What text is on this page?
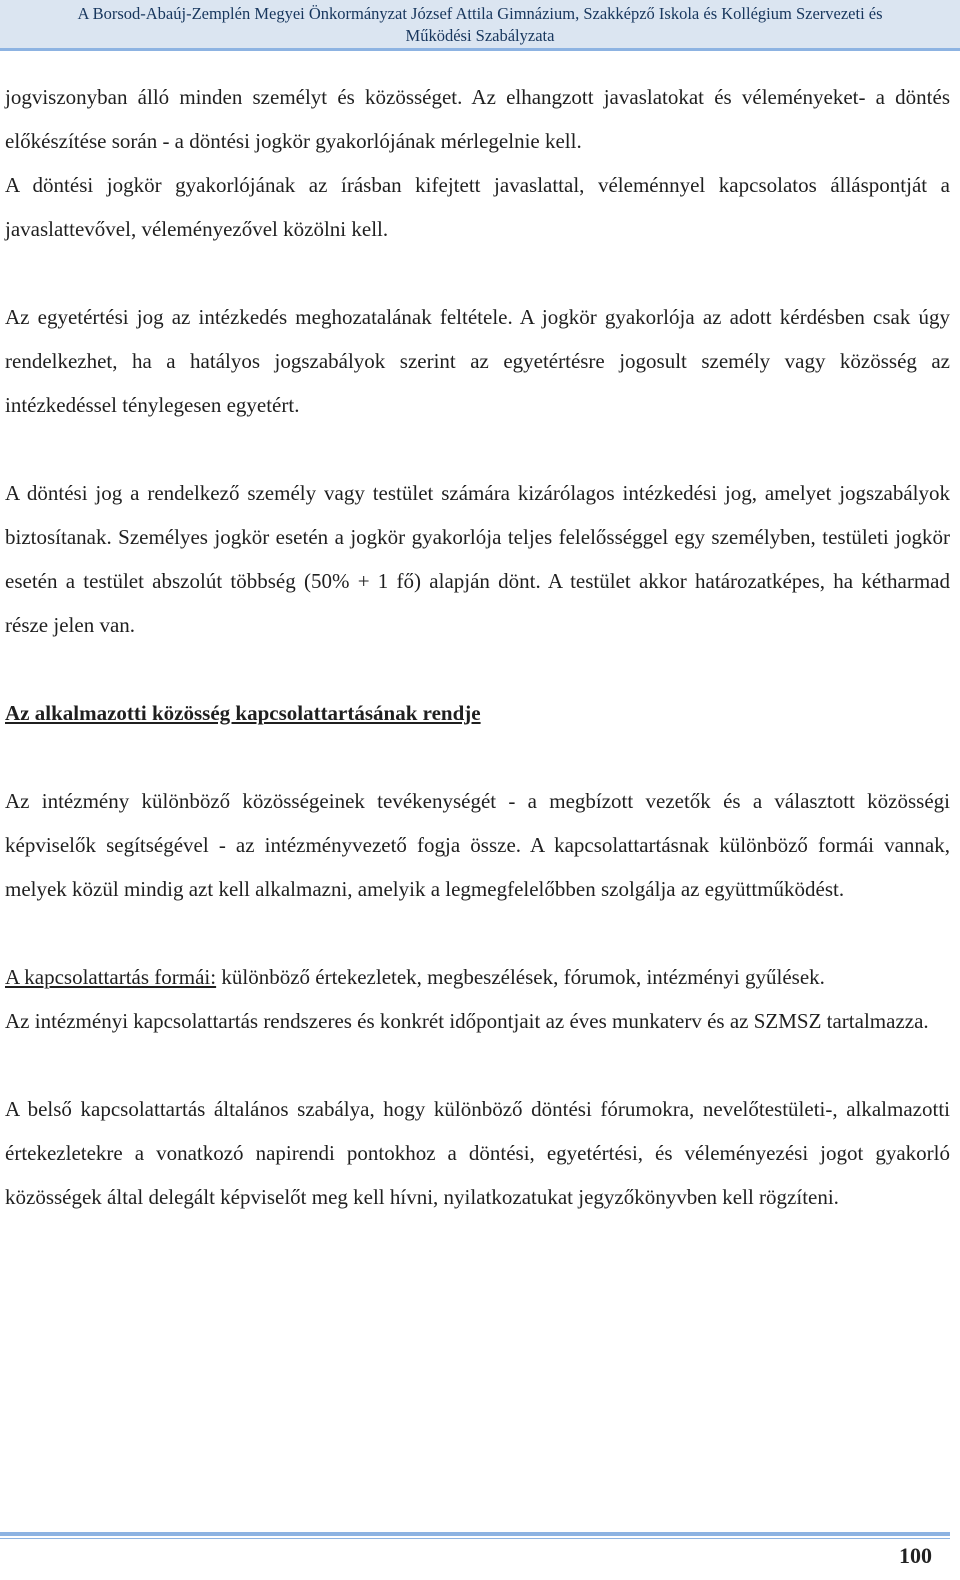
A Borsod-Abaúj-Zemplén Megyei Önkormányzat József Attila Gimnázium, Szakképző Iskola és Kollégium Szervezeti és
Működési Szabályzata

jogviszonyban álló minden személyt és közösséget. Az elhangzott javaslatokat és véleményeket- a döntés előkészítése során - a döntési jogkör gyakorlójának mérlegelnie kell.

A döntési jogkör gyakorlójának az írásban kifejtett javaslattal, véleménnyel kapcsolatos álláspontját a javaslattevővel, véleményezővel közölni kell.

Az egyetértési jog az intézkedés meghozatalának feltétele. A jogkör gyakorlója az adott kérdésben csak úgy rendelkezhet, ha a hatályos jogszabályok szerint az egyetértésre jogosult személy vagy közösség az intézkedéssel ténylegesen egyetért.

A döntési jog a rendelkező személy vagy testület számára kizárólagos intézkedési jog, amelyet jogszabályok biztosítanak. Személyes jogkör esetén a jogkör gyakorlója teljes felelősséggel egy személyben, testületi jogkör esetén a testület abszolút többség (50% + 1 fő) alapján dönt. A testület akkor határozatképes, ha kétharmad része jelen van.

Az alkalmazotti közösség kapcsolattartásának rendje

Az intézmény különböző közösségeinek tevékenységét - a megbízott vezetők és a választott közösségi képviselők segítségével - az intézményvezető fogja össze. A kapcsolattartásnak különböző formái vannak, melyek közül mindig azt kell alkalmazni, amelyik a legmegfelelőbben szolgálja az együttműködést.

A kapcsolattartás formái: különböző értekezletek, megbeszélések, fórumok, intézményi gyűlések.

Az intézményi kapcsolattartás rendszeres és konkrét időpontjait az éves munkaterv és az SZMSZ tartalmazza.

A belső kapcsolattartás általános szabálya, hogy különböző döntési fórumokra, nevelőtestületi-, alkalmazotti értekezletekre a vonatkozó napirendi pontokhoz a döntési, egyetértési, és véleményezési jogot gyakorló közösségek által delegált képviselőt meg kell hívni, nyilatkozatukat jegyzőkönyvben kell rögzíteni.

100
